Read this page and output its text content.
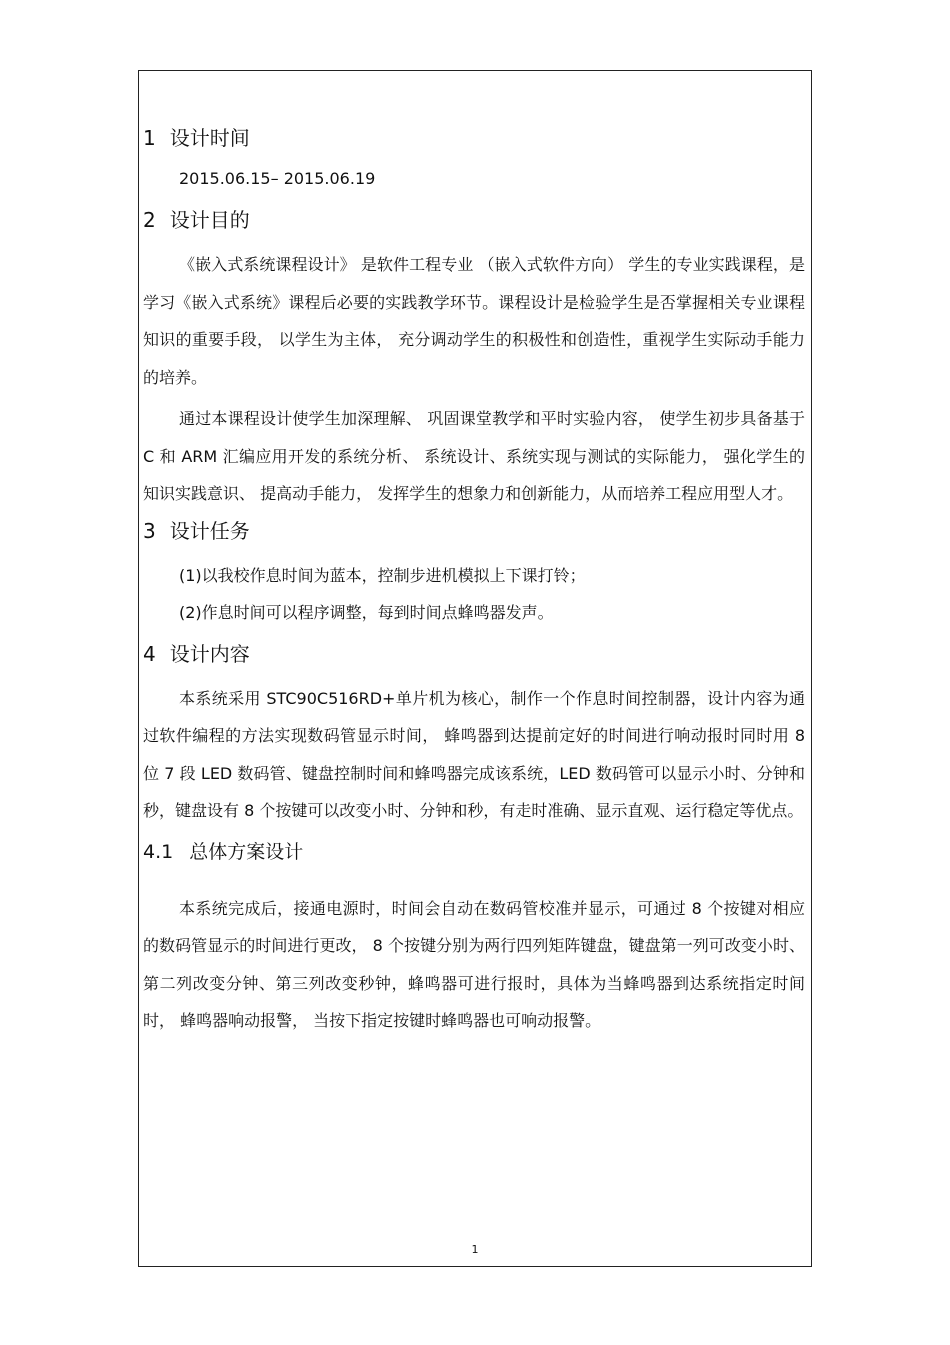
1 设计时间
2015.06.15– 2015.06.19
2 设计目的

《嵌入式系统课程设计》 是软件工程专业 （嵌入式软件方向） 学生的专业实践课程，是学习《嵌入式系统》课程后必要的实践教学环节。课程设计是检验学生是否掌握相关专业课程知识的重要手段， 以学生为主体， 充分调动学生的积极性和创造性，重视学生实际动手能力的培养。

通过本课程设计使学生加深理解、 巩固课堂教学和平时实验内容， 使学生初步具备基于 C 和 ARM 汇编应用开发的系统分析、 系统设计、系统实现与测试的实际能力， 强化学生的知识实践意识、 提高动手能力， 发挥学生的想象力和创新能力，从而培养工程应用型人才。

3 设计任务

(1)以我校作息时间为蓝本，控制步进机模拟上下课打铃；

(2)作息时间可以程序调整，每到时间点蜂鸣器发声。

4 设计内容

本系统采用 STC90C516RD+单片机为核心，制作一个作息时间控制器，设计内容为通过软件编程的方法实现数码管显示时间， 蜂鸣器到达提前定好的时间进行响动报时同时用 8 位 7 段 LED 数码管、键盘控制时间和蜂鸣器完成该系统，LED 数码管可以显示小时、分钟和秒，键盘设有 8 个按键可以改变小时、分钟和秒，有走时准确、显示直观、运行稳定等优点。

4.1 总体方案设计

本系统完成后，接通电源时，时间会自动在数码管校准并显示，可通过 8 个按键对相应的数码管显示的时间进行更改， 8 个按键分别为两行四列矩阵键盘，键盘第一列可改变小时、第二列改变分钟、第三列改变秒钟，蜂鸣器可进行报时，具体为当蜂鸣器到达系统指定时间时， 蜂鸣器响动报警， 当按下指定按键时蜂鸣器也可响动报警。

1
